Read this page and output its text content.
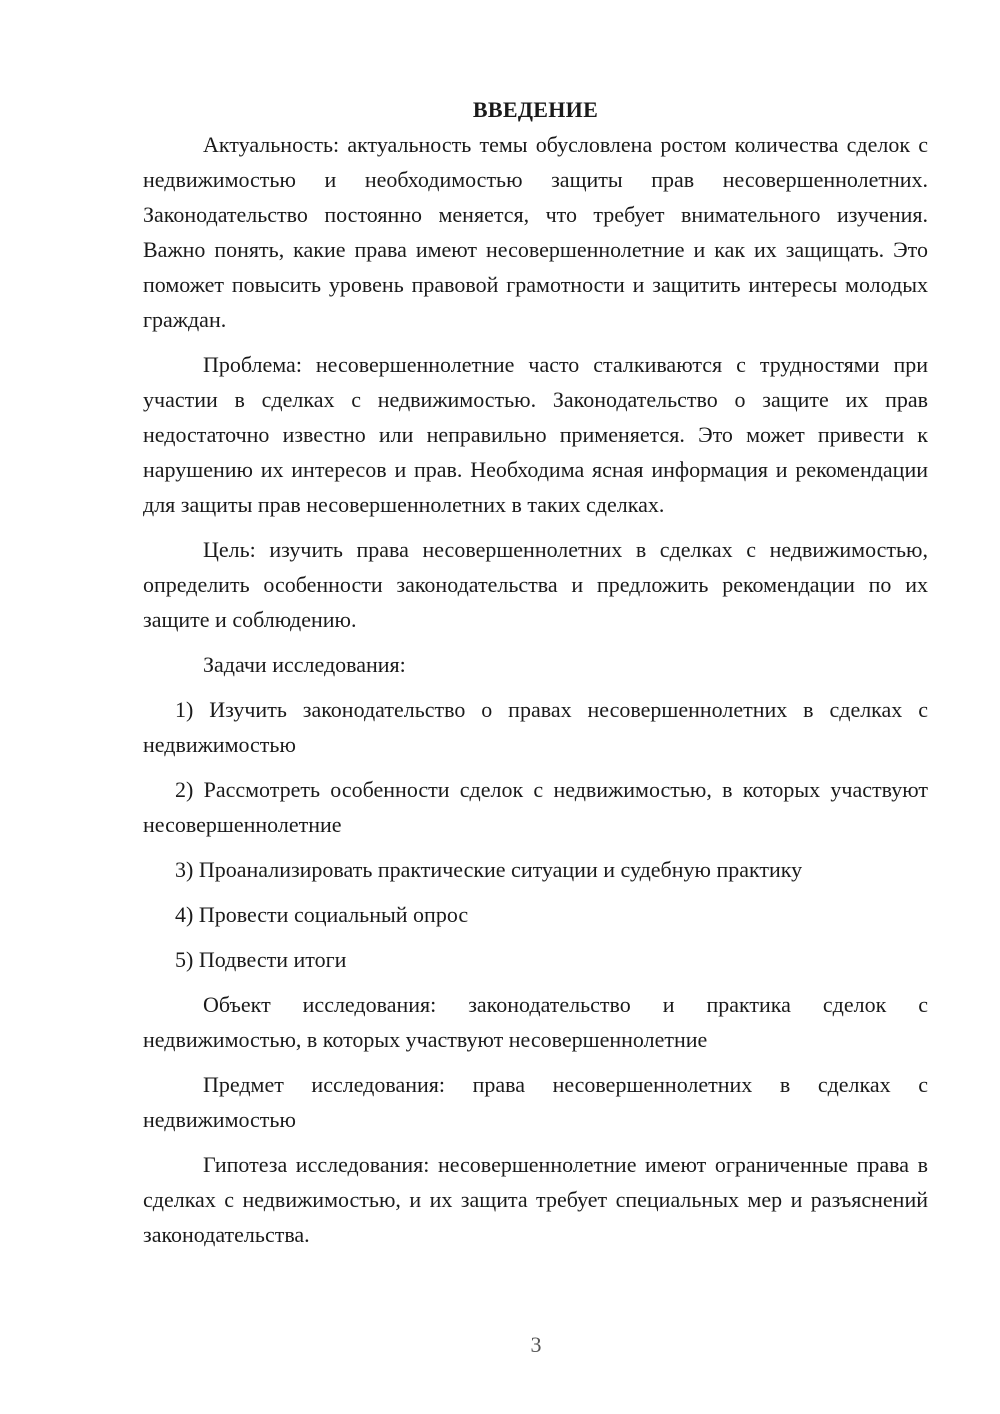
ВВЕДЕНИЕ

Актуальность: актуальность темы обусловлена ростом количества сделок с недвижимостью и необходимостью защиты прав несовершеннолетних. Законодательство постоянно меняется, что требует внимательного изучения. Важно понять, какие права имеют несовершеннолетние и как их защищать. Это поможет повысить уровень правовой грамотности и защитить интересы молодых граждан.

Проблема: несовершеннолетние часто сталкиваются с трудностями при участии в сделках с недвижимостью. Законодательство о защите их прав недостаточно известно или неправильно применяется. Это может привести к нарушению их интересов и прав. Необходима ясная информация и рекомендации для защиты прав несовершеннолетних в таких сделках.

Цель: изучить права несовершеннолетних в сделках с недвижимостью, определить особенности законодательства и предложить рекомендации по их защите и соблюдению.

Задачи исследования:

1) Изучить законодательство о правах несовершеннолетних в сделках с недвижимостью

2) Рассмотреть особенности сделок с недвижимостью, в которых участвуют несовершеннолетние

3) Проанализировать практические ситуации и судебную практику

4) Провести социальный опрос

5) Подвести итоги

Объект исследования: законодательство и практика сделок с недвижимостью, в которых участвуют несовершеннолетние

Предмет исследования: права несовершеннолетних в сделках с недвижимостью

Гипотеза исследования: несовершеннолетние имеют ограниченные права в сделках с недвижимостью, и их защита требует специальных мер и разъяснений законодательства.

3
